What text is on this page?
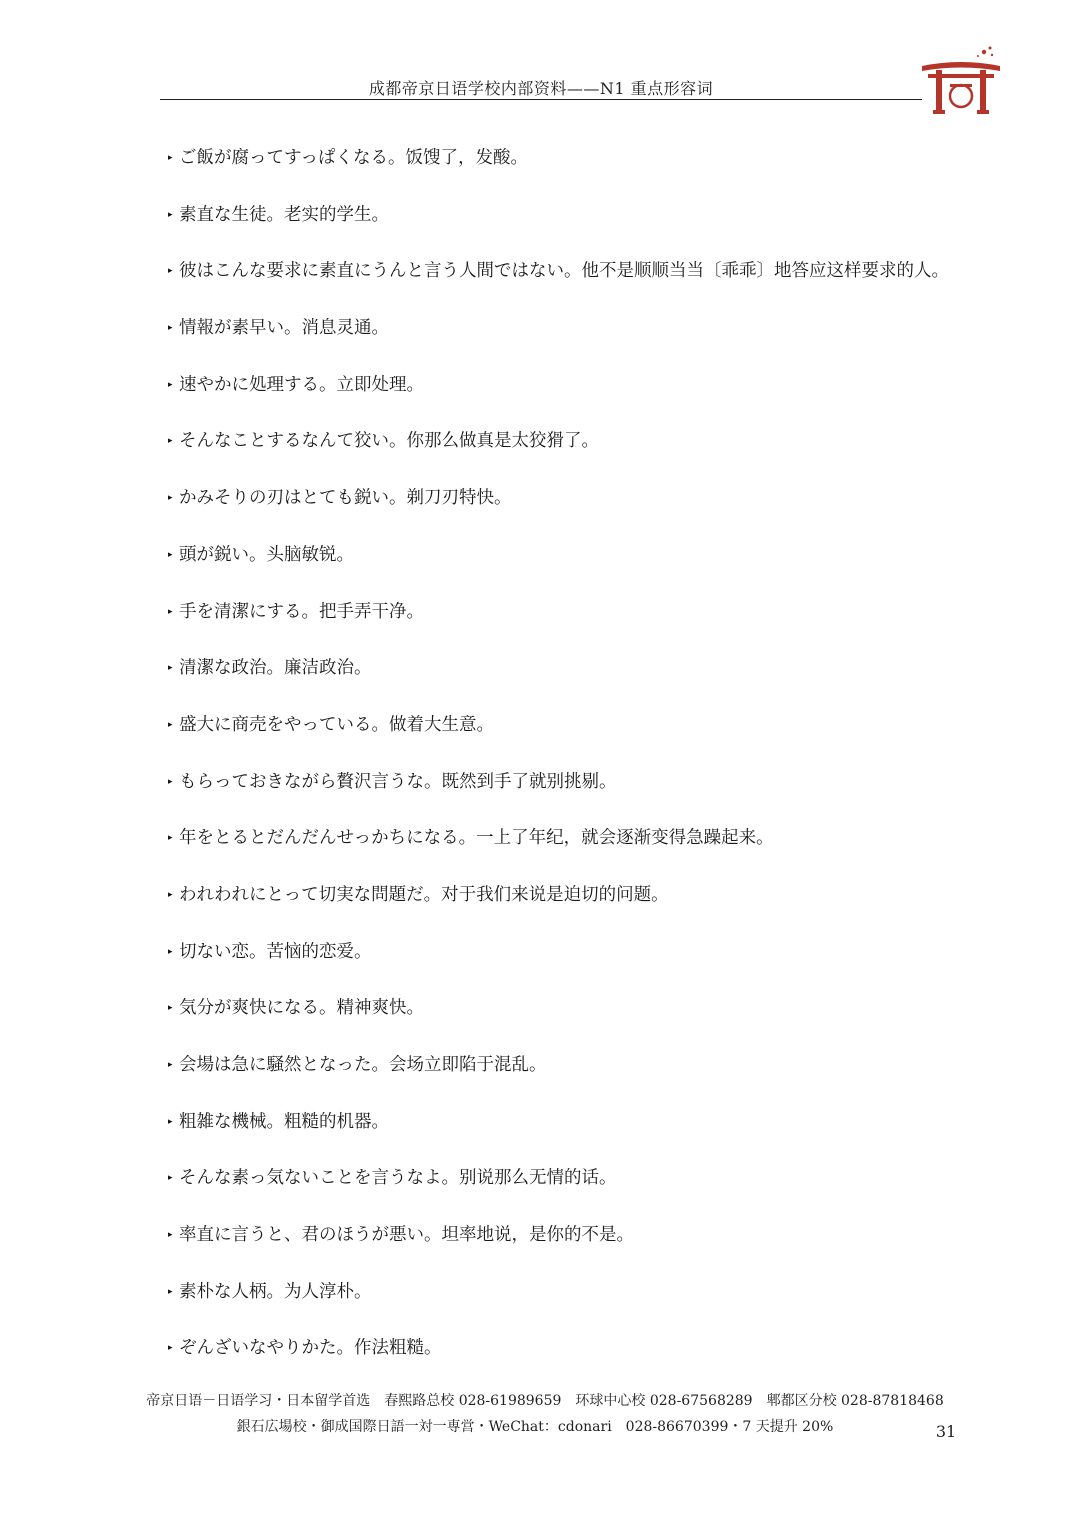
成都帝京日语学校内部资料——N1 重点形容词
▸ ご飯が腐ってすっぱくなる。饭馊了，发酸。
▸ 素直な生徒。老实的学生。
▸ 彼はこんな要求に素直にうんと言う人間ではない。他不是顺顺当当〔乖乖〕地答应这样要求的人。
▸ 情報が素早い。消息灵通。
▸ 速やかに処理する。立即处理。
▸ そんなことするなんて狡い。你那么做真是太狡猾了。
▸ かみそりの刃はとても鋭い。剃刀刃特快。
▸ 頭が鋭い。头脑敏锐。
▸ 手を清潔にする。把手弄干净。
▸ 清潔な政治。廉洁政治。
▸ 盛大に商売をやっている。做着大生意。
▸ もらっておきながら贅沢言うな。既然到手了就别挑剔。
▸ 年をとるとだんだんせっかちになる。一上了年纪，就会逐渐变得急躁起来。
▸ われわれにとって切実な問題だ。对于我们来说是迫切的问题。
▸ 切ない恋。苦恼的恋爱。
▸ 気分が爽快になる。精神爽快。
▸ 会場は急に騒然となった。会场立即陷于混乱。
▸ 粗雑な機械。粗糙的机器。
▸ そんな素っ気ないことを言うなよ。别说那么无情的话。
▸ 率直に言うと、君のほうが悪い。坦率地说，是你的不是。
▸ 素朴な人柄。为人淳朴。
▸ ぞんざいなやりかた。作法粗糙。
帝京日语－日语学习・日本留学首选　春熙路总校 028-61989659　环球中心校 028-67568289　郫都区分校 028-87818468
銀石広場校・御成国際日語一対一専営・WeChat：cdonari　028-86670399・7 天提升 20%	31
